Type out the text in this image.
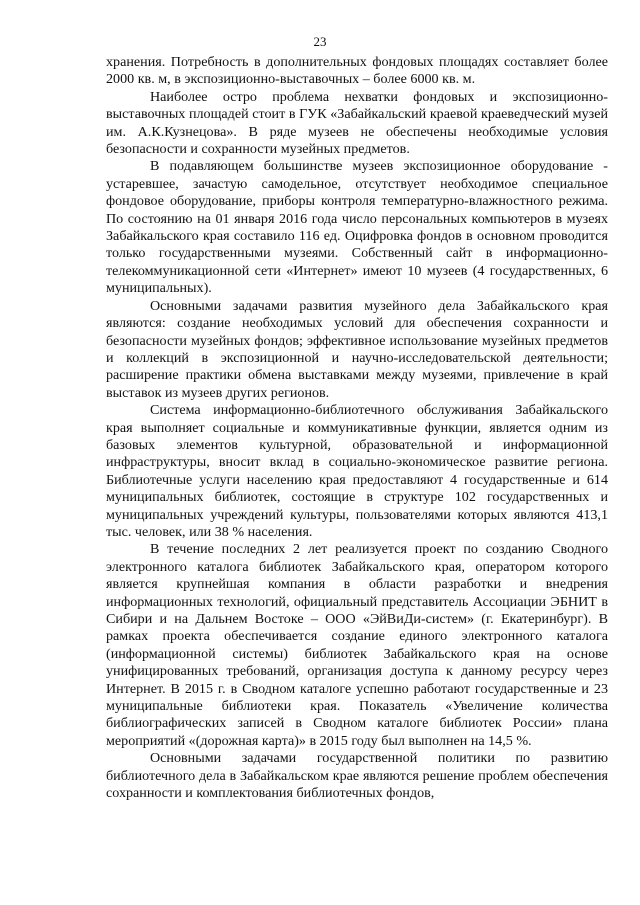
23

хранения. Потребность в дополнительных фондовых площадях составляет более 2000 кв. м, в экспозиционно-выставочных – более 6000 кв. м.

Наиболее остро проблема нехватки фондовых и экспозиционно-выставочных площадей стоит в ГУК «Забайкальский краевой краеведческий музей им. А.К.Кузнецова». В ряде музеев не обеспечены необходимые условия безопасности и сохранности музейных предметов.

В подавляющем большинстве музеев экспозиционное оборудование - устаревшее, зачастую самодельное, отсутствует необходимое специальное фондовое оборудование, приборы контроля температурно-влажностного режима. По состоянию на 01 января 2016 года число персональных компьютеров в музеях Забайкальского края составило 116 ед. Оцифровка фондов в основном проводится только государственными музеями. Собственный сайт в информационно-телекоммуникационной сети «Интернет» имеют 10 музеев (4 государственных, 6 муниципальных).

Основными задачами развития музейного дела Забайкальского края являются: создание необходимых условий для обеспечения сохранности и безопасности музейных фондов; эффективное использование музейных предметов и коллекций в экспозиционной и научно-исследовательской деятельности; расширение практики обмена выставками между музеями, привлечение в край выставок из музеев других регионов.

Система информационно-библиотечного обслуживания Забайкальского края выполняет социальные и коммуникативные функции, является одним из базовых элементов культурной, образовательной и информационной инфраструктуры, вносит вклад в социально-экономическое развитие региона. Библиотечные услуги населению края предоставляют 4 государственные и 614 муниципальных библиотек, состоящие в структуре 102 государственных и муниципальных учреждений культуры, пользователями которых являются 413,1 тыс. человек, или 38 % населения.

В течение последних 2 лет реализуется проект по созданию Сводного электронного каталога библиотек Забайкальского края, оператором которого является крупнейшая компания в области разработки и внедрения информационных технологий, официальный представитель Ассоциации ЭБНИТ в Сибири и на Дальнем Востоке – ООО «ЭйВиДи-систем» (г. Екатеринбург). В рамках проекта обеспечивается создание единого электронного каталога (информационной системы) библиотек Забайкальского края на основе унифицированных требований, организация доступа к данному ресурсу через Интернет. В 2015 г. в Сводном каталоге успешно работают государственные и 23 муниципальные библиотеки края. Показатель «Увеличение количества библиографических записей в Сводном каталоге библиотек России» плана мероприятий «(дорожная карта)» в 2015 году был выполнен на 14,5 %.

Основными задачами государственной политики по развитию библиотечного дела в Забайкальском крае являются решение проблем обеспечения сохранности и комплектования библиотечных фондов,
